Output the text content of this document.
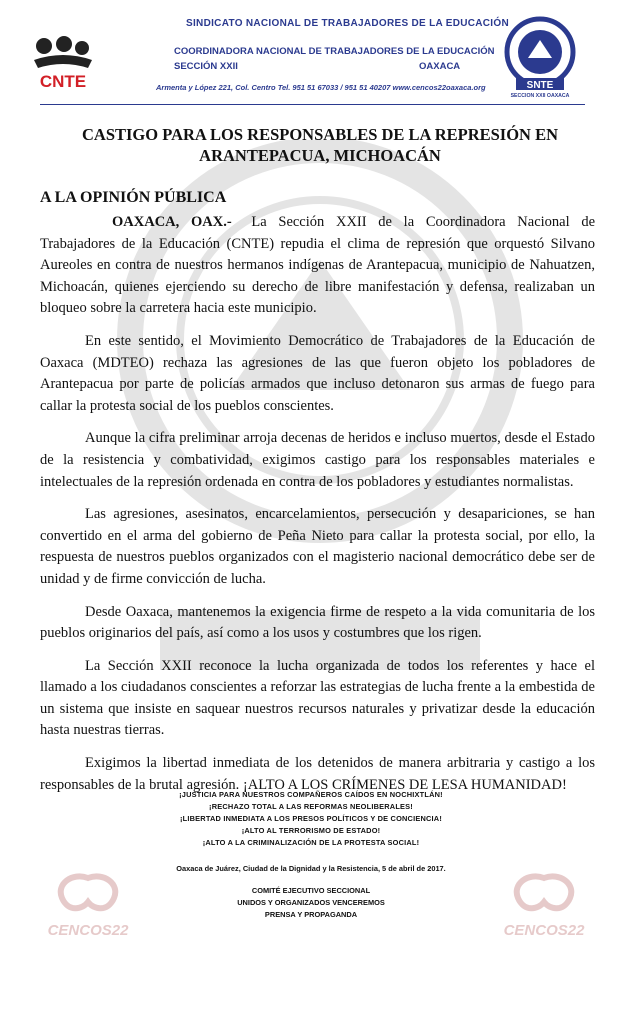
CNTE
SINDICATO NACIONAL DE TRABAJADORES DE LA EDUCACIÓN
COORDINADORA NACIONAL DE TRABAJADORES DE LA EDUCACIÓN
SECCIÓN XXII	OAXACA
Armenta y López 221, Col. Centro Tel. 951 51 67033 / 951 51 40207 www.cencos22oaxaca.org	SNTE
SECCION XXII OAXACA
CASTIGO PARA LOS RESPONSABLES DE LA REPRESIÓN EN ARANTEPACUA, MICHOACÁN
A LA OPINIÓN PÚBLICA

OAXACA, OAX.- La Sección XXII de la Coordinadora Nacional de Trabajadores de la Educación (CNTE) repudia el clima de represión que orquestó Silvano Aureoles en contra de nuestros hermanos indígenas de Arantepacua, municipio de Nahuatzen, Michoacán, quienes ejerciendo su derecho de libre manifestación y defensa, realizaban un bloqueo sobre la carretera hacia este municipio.

En este sentido, el Movimiento Democrático de Trabajadores de la Educación de Oaxaca (MDTEO) rechaza las agresiones de las que fueron objeto los pobladores de Arantepacua por parte de policías armados que incluso detonaron sus armas de fuego para callar la protesta social de los pueblos conscientes.

Aunque la cifra preliminar arroja decenas de heridos e incluso muertos, desde el Estado de la resistencia y combatividad, exigimos castigo para los responsables materiales e intelectuales de la represión ordenada en contra de los pobladores y estudiantes normalistas.

Las agresiones, asesinatos, encarcelamientos, persecución y desapariciones, se han convertido en el arma del gobierno de Peña Nieto para callar la protesta social, por ello, la respuesta de nuestros pueblos organizados con el magisterio nacional democrático debe ser de unidad y de firme convicción de lucha.

Desde Oaxaca, mantenemos la exigencia firme de respeto a la vida comunitaria de los pueblos originarios del país, así como a los usos y costumbres que los rigen.

La Sección XXII reconoce la lucha organizada de todos los referentes y hace el llamado a los ciudadanos conscientes a reforzar las estrategias de lucha frente a la embestida de un sistema que insiste en saquear nuestros recursos naturales y privatizar desde la educación hasta nuestras tierras.

Exigimos la libertad inmediata de los detenidos de manera arbitraria y castigo a los responsables de la brutal agresión. ¡ALTO A LOS CRÍMENES DE LESA HUMANIDAD!

¡JUSTICIA PARA NUESTROS COMPAÑEROS CAÍDOS EN NOCHIXTLÁN!
¡RECHAZO TOTAL A LAS REFORMAS NEOLIBERALES!
¡LIBERTAD INMEDIATA A LOS PRESOS POLÍTICOS Y DE CONCIENCIA!
¡ALTO AL TERRORISMO DE ESTADO!
¡ALTO A LA CRIMINALIZACIÓN DE LA PROTESTA SOCIAL!
Oaxaca de Juárez, Ciudad de la Dignidad y la Resistencia, 5 de abril de 2017.
COMITÉ EJECUTIVO SECCIONAL
UNIDOS Y ORGANIZADOS VENCEREMOS
PRENSA Y PROPAGANDA
CENCOS22	CENCOS22
